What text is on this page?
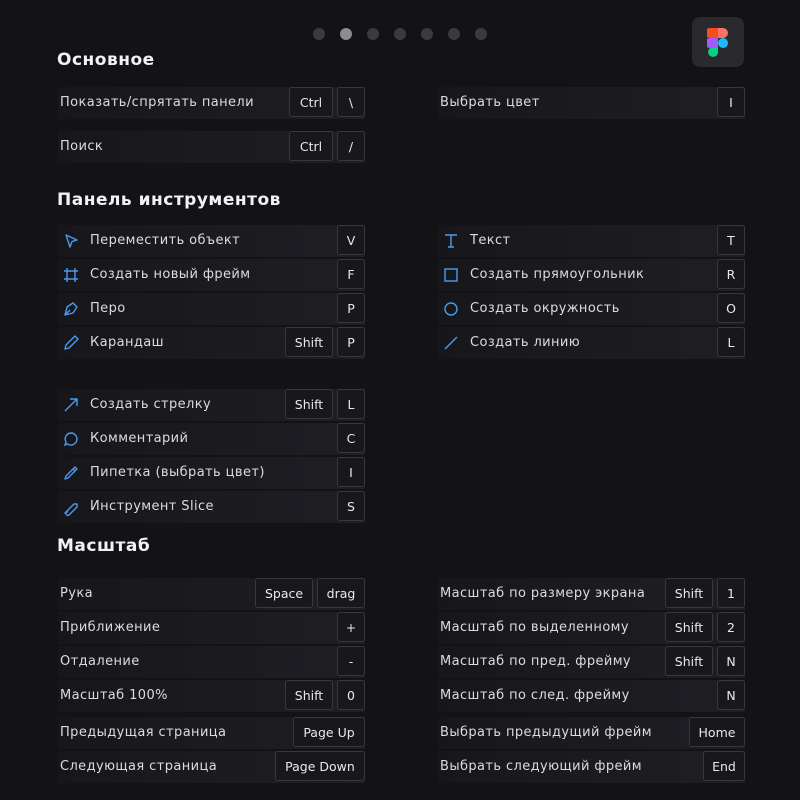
Основное
Панель инструментов
Масштаб
Показать/спрятать панели	Ctrl	\
Поиск	Ctrl	/
Выбрать цвет	I
Переместить объект	V
Создать новый фрейм	F
Перо	P
Карандаш	Shift	P
Текст	T
Создать прямоугольник	R
Создать окружность	O
Создать линию	L
Создать стрелку	Shift	L
Комментарий	C
Пипетка (выбрать цвет)	I
Инструмент Slice	S
Рука	Space	drag
Приближение	+
Отдаление	-
Масштаб 100%	Shift	0
Предыдущая страница	Page Up
Следующая страница	Page Down
Масштаб по размеру экрана	Shift	1
Масштаб по выделенному	Shift	2
Масштаб по пред. фрейму	Shift	N
Масштаб по след. фрейму	N
Выбрать предыдущий фрейм	Home
Выбрать следующий фрейм	End
